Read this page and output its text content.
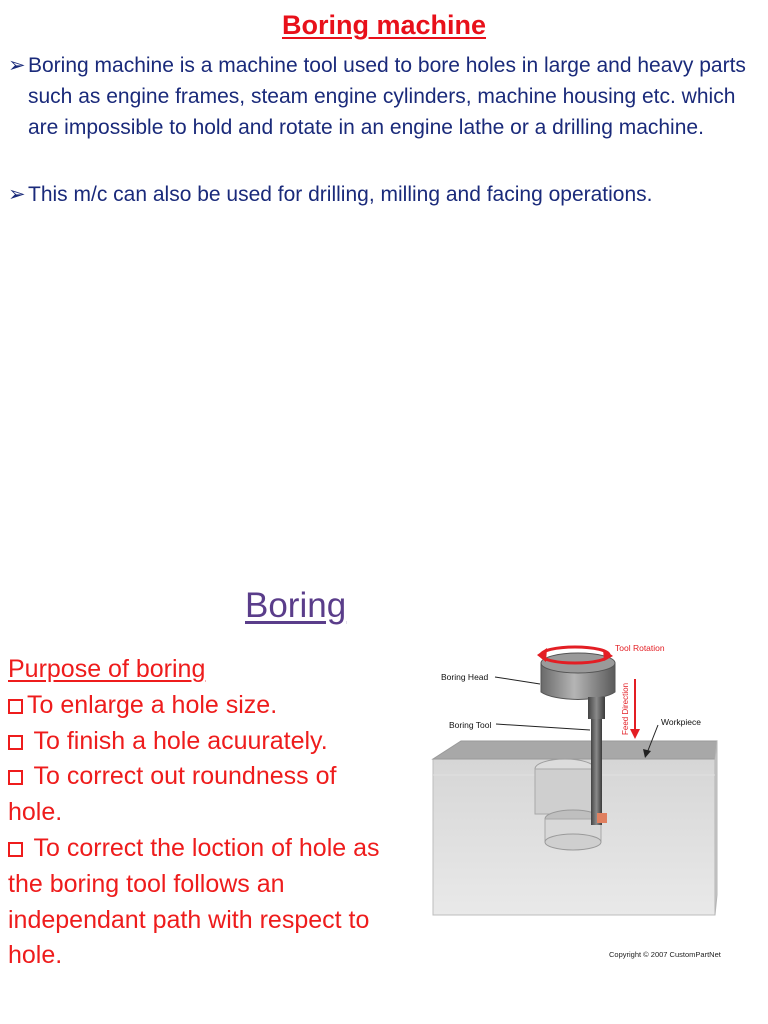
Boring machine
➢ Boring machine is a machine tool used to bore holes in large and heavy parts such as engine frames, steam engine cylinders, machine housing etc. which are impossible to hold and rotate in an engine lathe or a drilling machine.
➢ This m/c can also be used for drilling, milling and facing operations.
Boring
Purpose of boring
To enlarge a hole size.
To finish a hole acuurately.
To correct out roundness of hole.
To correct the loction of hole as the boring tool follows an independant path with respect to hole.
Tool Rotation
Boring Head
Boring Tool	Workpiece
Feed Direction
Copyright © 2007 CustomPartNet
